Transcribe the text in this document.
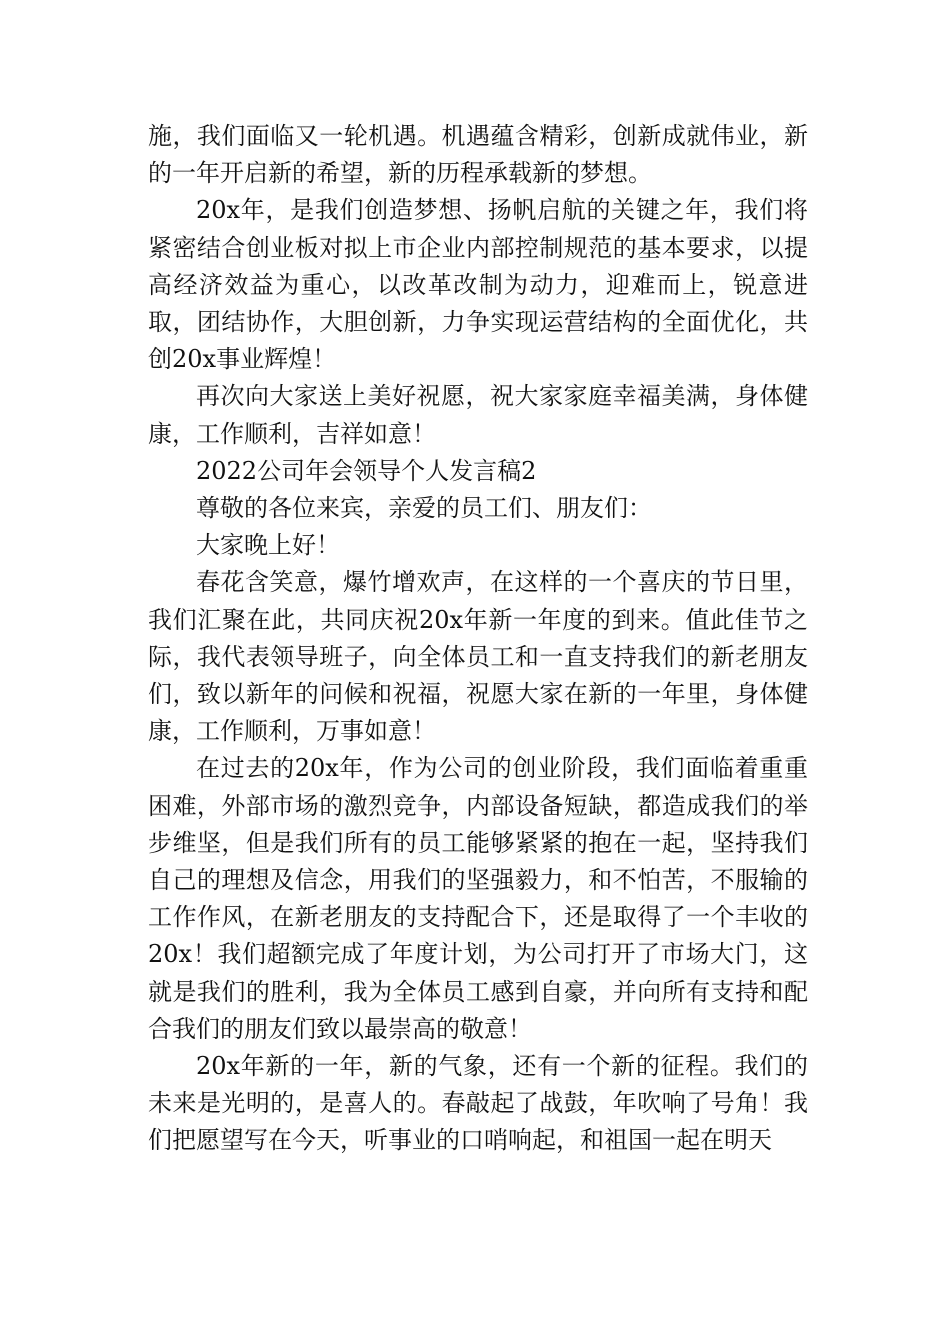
施，我们面临又一轮机遇。机遇蕴含精彩，创新成就伟业，新的一年开启新的希望，新的历程承载新的梦想。

20x年，是我们创造梦想、扬帆启航的关键之年，我们将紧密结合创业板对拟上市企业内部控制规范的基本要求，以提高经济效益为重心，以改革改制为动力，迎难而上，锐意进取，团结协作，大胆创新，力争实现运营结构的全面优化，共创20x事业辉煌！

再次向大家送上美好祝愿，祝大家家庭幸福美满，身体健康，工作顺利，吉祥如意！

2022公司年会领导个人发言稿2

尊敬的各位来宾，亲爱的员工们、朋友们：

大家晚上好！

春花含笑意，爆竹增欢声，在这样的一个喜庆的节日里，我们汇聚在此，共同庆祝20x年新一年度的到来。值此佳节之际，我代表领导班子，向全体员工和一直支持我们的新老朋友们，致以新年的问候和祝福，祝愿大家在新的一年里，身体健康，工作顺利，万事如意！

在过去的20x年，作为公司的创业阶段，我们面临着重重困难，外部市场的激烈竞争，内部设备短缺，都造成我们的举步维坚，但是我们所有的员工能够紧紧的抱在一起，坚持我们自己的理想及信念，用我们的坚强毅力，和不怕苦，不服输的工作作风，在新老朋友的支持配合下，还是取得了一个丰收的20x！我们超额完成了年度计划，为公司打开了市场大门，这就是我们的胜利，我为全体员工感到自豪，并向所有支持和配合我们的朋友们致以最崇高的敬意！

20x年新的一年，新的气象，还有一个新的征程。我们的未来是光明的，是喜人的。春敲起了战鼓，年吹响了号角！我们把愿望写在今天，听事业的口哨响起，和祖国一起在明天
